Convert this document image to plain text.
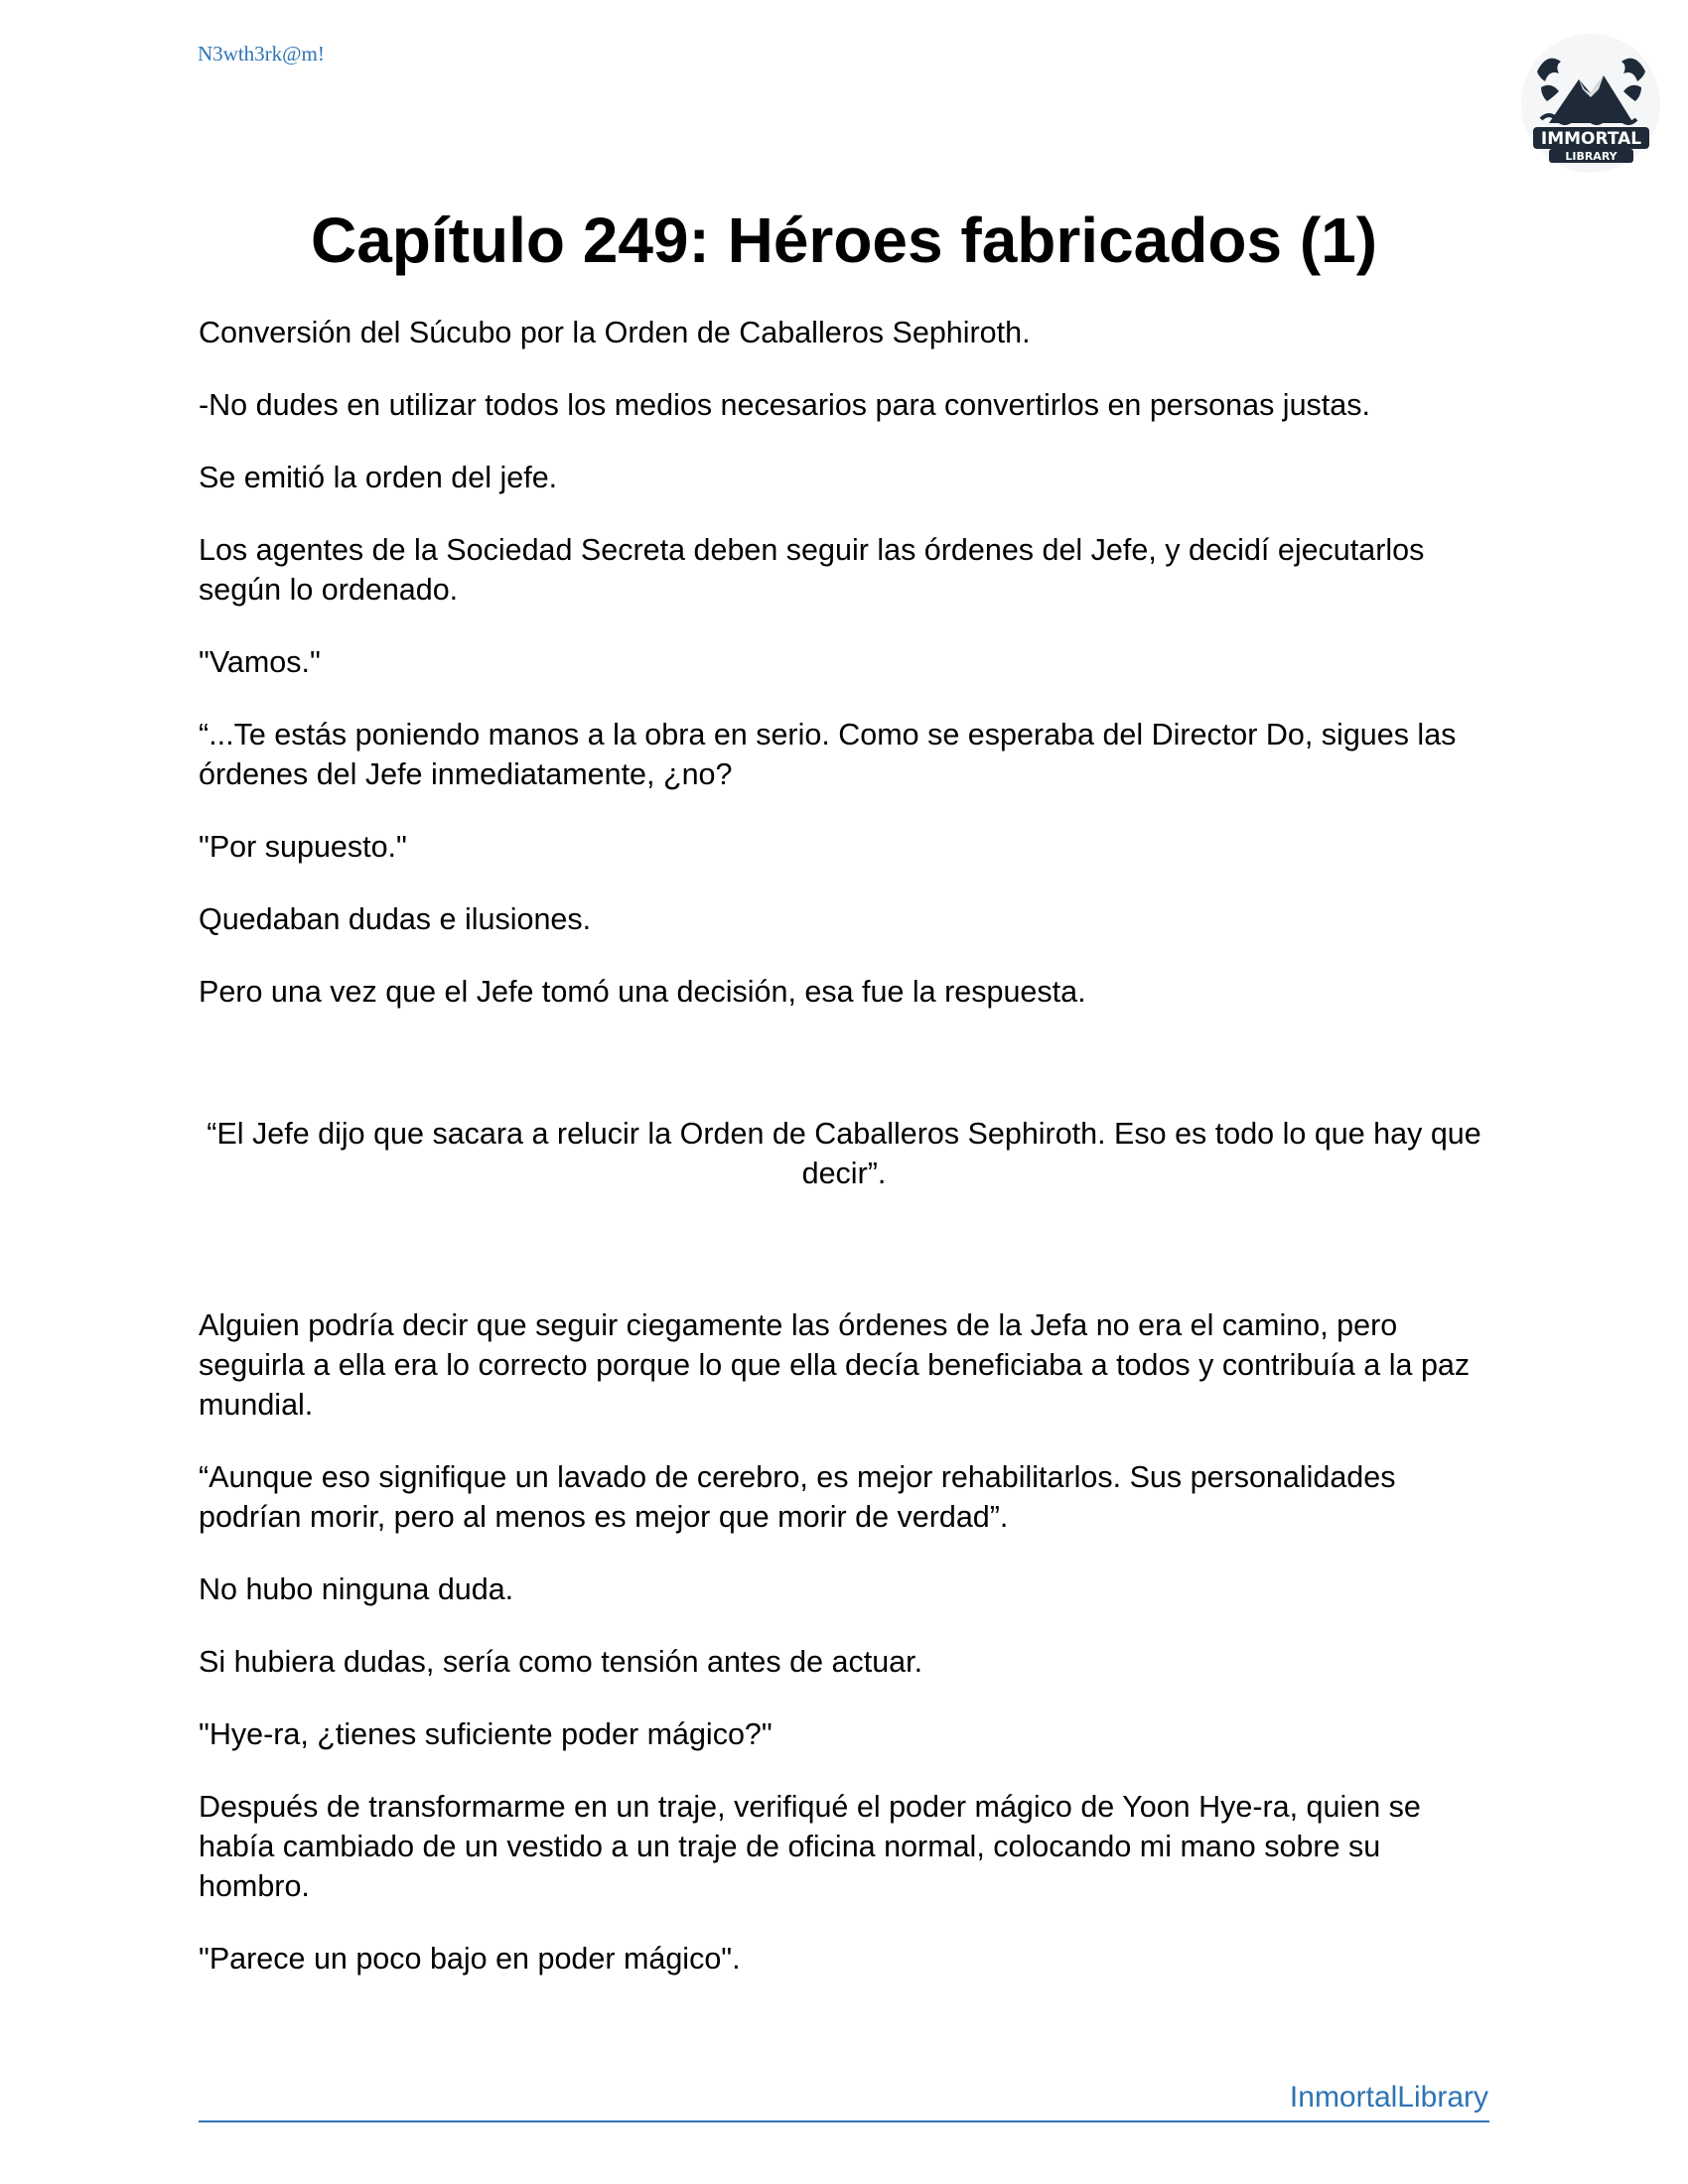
N3wth3rk@m!
IMMORTAL
LIBRARY
Capítulo 249: Héroes fabricados (1)

Conversión del Súcubo por la Orden de Caballeros Sephiroth.

-No dudes en utilizar todos los medios necesarios para convertirlos en personas justas.

Se emitió la orden del jefe.

Los agentes de la Sociedad Secreta deben seguir las órdenes del Jefe, y decidí ejecutarlos según lo ordenado.

"Vamos."

“...Te estás poniendo manos a la obra en serio. Como se esperaba del Director Do, sigues las órdenes del Jefe inmediatamente, ¿no?

"Por supuesto."

Quedaban dudas e ilusiones.

Pero una vez que el Jefe tomó una decisión, esa fue la respuesta.

“El Jefe dijo que sacara a relucir la Orden de Caballeros Sephiroth. Eso es todo lo que hay que decir”.

Alguien podría decir que seguir ciegamente las órdenes de la Jefa no era el camino, pero seguirla a ella era lo correcto porque lo que ella decía beneficiaba a todos y contribuía a la paz mundial.

“Aunque eso signifique un lavado de cerebro, es mejor rehabilitarlos. Sus personalidades podrían morir, pero al menos es mejor que morir de verdad”.

No hubo ninguna duda.

Si hubiera dudas, sería como tensión antes de actuar.

"Hye-ra, ¿tienes suficiente poder mágico?"

Después de transformarme en un traje, verifiqué el poder mágico de Yoon Hye-ra, quien se había cambiado de un vestido a un traje de oficina normal, colocando mi mano sobre su hombro.

"Parece un poco bajo en poder mágico".

InmortalLibrary
